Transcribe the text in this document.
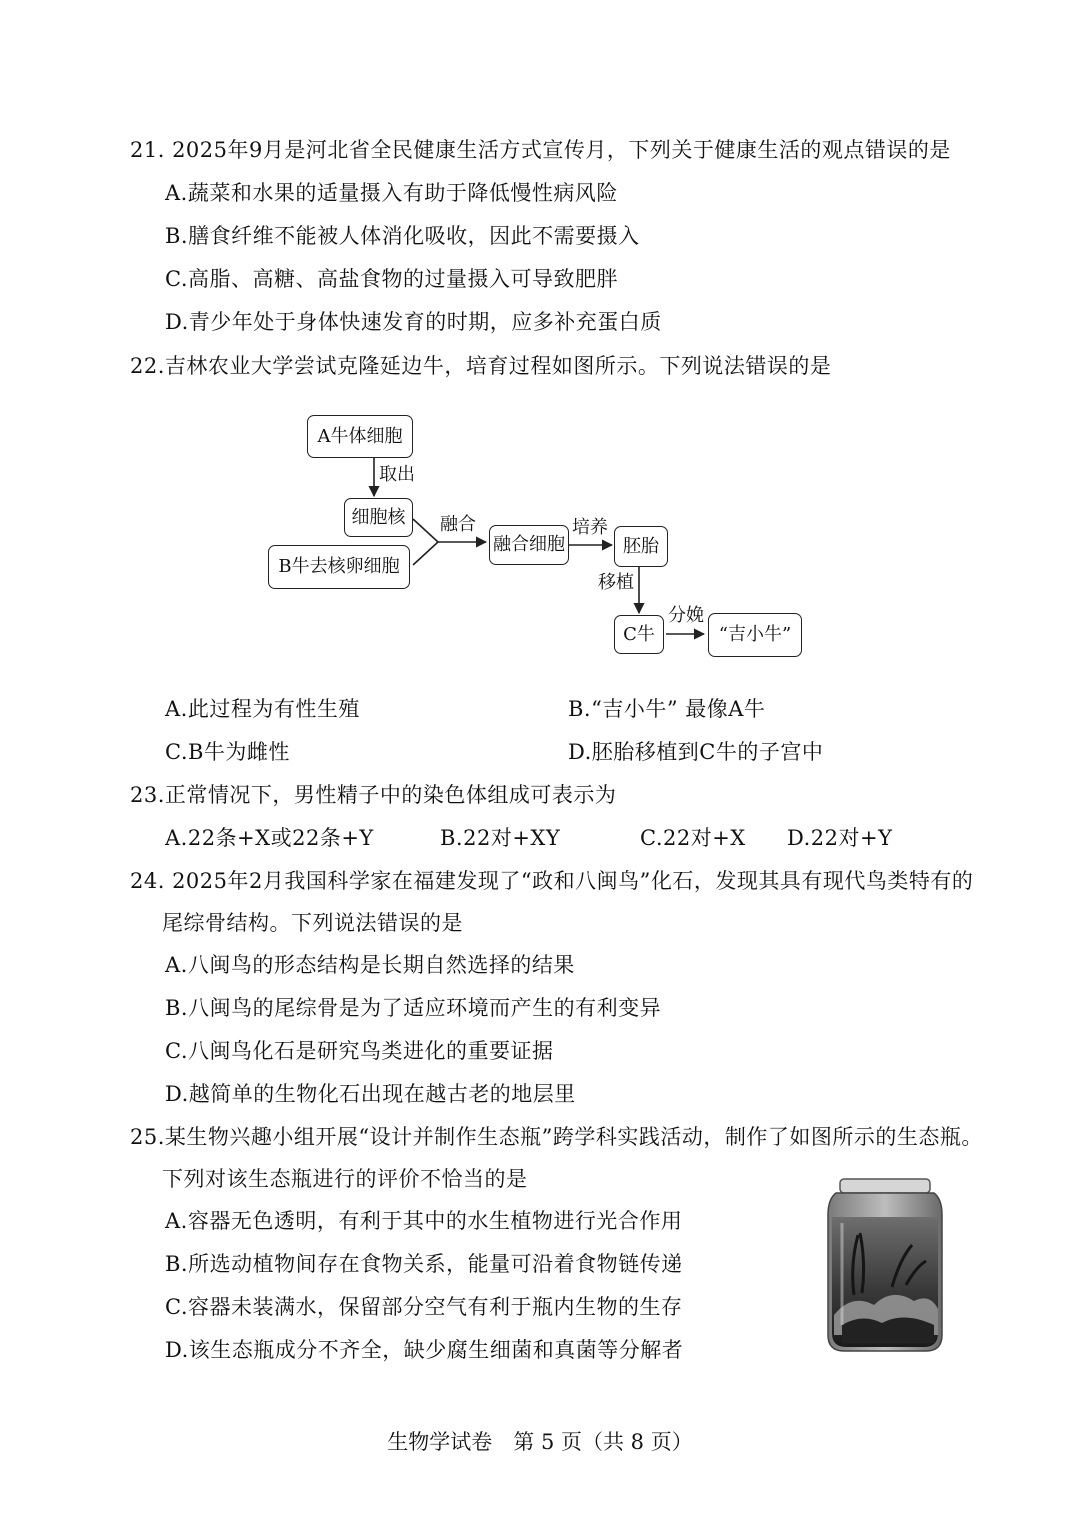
21. 2025年9月是河北省全民健康生活方式宣传月，下列关于健康生活的观点错误的是
A.蔬菜和水果的适量摄入有助于降低慢性病风险
B.膳食纤维不能被人体消化吸收，因此不需要摄入
C.高脂、高糖、高盐食物的过量摄入可导致肥胖
D.青少年处于身体快速发育的时期，应多补充蛋白质
22.吉林农业大学尝试克隆延边牛，培育过程如图所示。下列说法错误的是
A牛体细胞
取出
细胞核
B牛去核卵细胞
融合
融合细胞
培养
胚胎
移植
C牛
分娩
“吉小牛”
A.此过程为有性生殖	B.“吉小牛” 最像A牛
C.B牛为雌性	D.胚胎移植到C牛的子宫中
23.正常情况下，男性精子中的染色体组成可表示为
A.22条+X或22条+Y	B.22对+XY	C.22对+X D.22对+Y
24. 2025年2月我国科学家在福建发现了“政和八闽鸟”化石，发现其具有现代鸟类特有的
尾综骨结构。下列说法错误的是
A.八闽鸟的形态结构是长期自然选择的结果
B.八闽鸟的尾综骨是为了适应环境而产生的有利变异
C.八闽鸟化石是研究鸟类进化的重要证据
D.越简单的生物化石出现在越古老的地层里
25.某生物兴趣小组开展“设计并制作生态瓶”跨学科实践活动，制作了如图所示的生态瓶。
下列对该生态瓶进行的评价不恰当的是
A.容器无色透明，有利于其中的水生植物进行光合作用
B.所选动植物间存在食物关系，能量可沿着食物链传递
C.容器未装满水，保留部分空气有利于瓶内生物的生存
D.该生态瓶成分不齐全，缺少腐生细菌和真菌等分解者
生物学试卷　第 5 页（共 8 页）
